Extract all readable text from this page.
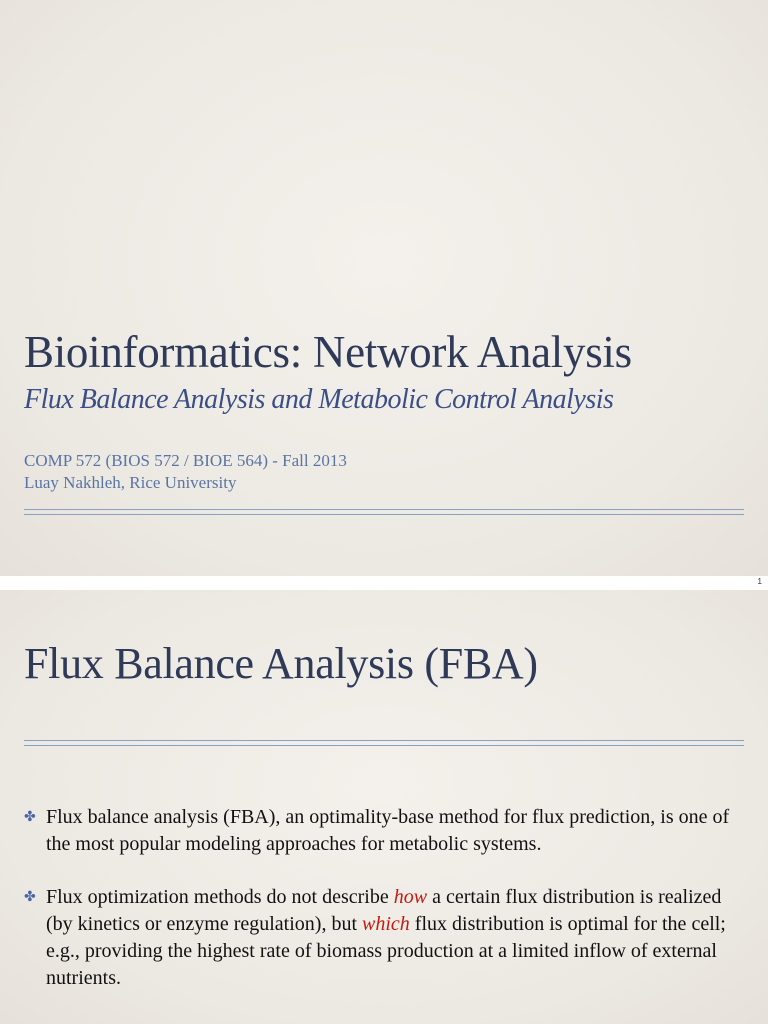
Bioinformatics: Network Analysis
Flux Balance Analysis and Metabolic Control Analysis
COMP 572 (BIOS 572 / BIOE 564) - Fall 2013
Luay Nakhleh, Rice University
1
Flux Balance Analysis (FBA)
✤ Flux balance analysis (FBA), an optimality-base method for flux prediction, is one of the most popular modeling approaches for metabolic systems.
✤ Flux optimization methods do not describe how a certain flux distribution is realized (by kinetics or enzyme regulation), but which flux distribution is optimal for the cell; e.g., providing the highest rate of biomass production at a limited inflow of external nutrients.
